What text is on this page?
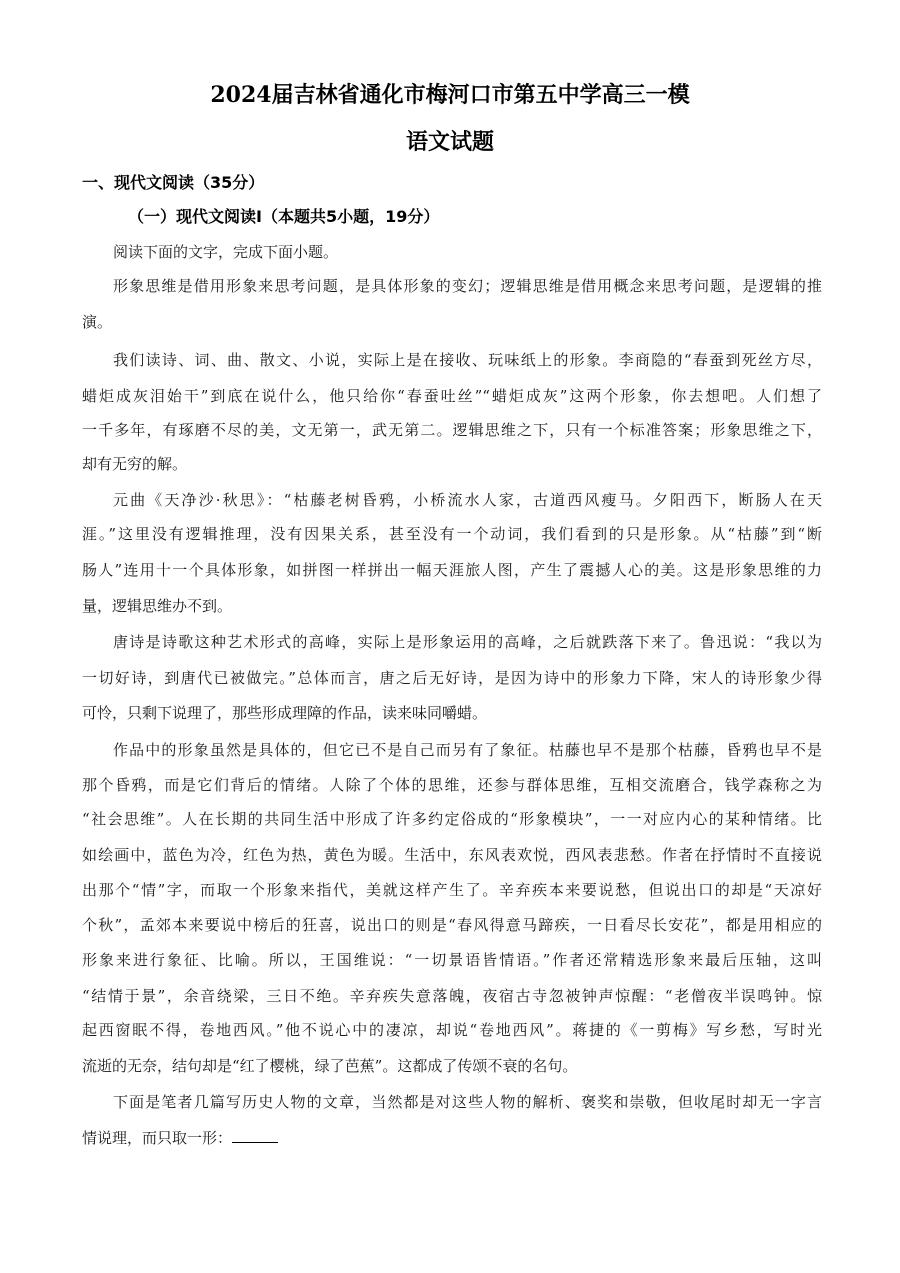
2024届吉林省通化市梅河口市第五中学高三一模
语文试题
一、现代文阅读（35分）
（一）现代文阅读Ⅰ（本题共5小题，19分）
阅读下面的文字，完成下面小题。
形象思维是借用形象来思考问题，是具体形象的变幻；逻辑思维是借用概念来思考问题，是逻辑的推
演。
我们读诗、词、曲、散文、小说，实际上是在接收、玩味纸上的形象。李商隐的“春蚕到死丝方尽，
蜡炬成灰泪始干”到底在说什么，他只给你“春蚕吐丝”“蜡炬成灰”这两个形象，你去想吧。人们想了
一千多年，有琢磨不尽的美，文无第一，武无第二。逻辑思维之下，只有一个标准答案；形象思维之下，
却有无穷的解。
元曲《天净沙·秋思》：“枯藤老树昏鸦，小桥流水人家，古道西风瘦马。夕阳西下，断肠人在天
涯。”这里没有逻辑推理，没有因果关系，甚至没有一个动词，我们看到的只是形象。从“枯藤”到“断
肠人”连用十一个具体形象，如拼图一样拼出一幅天涯旅人图，产生了震撼人心的美。这是形象思维的力
量，逻辑思维办不到。
唐诗是诗歌这种艺术形式的高峰，实际上是形象运用的高峰，之后就跌落下来了。鲁迅说：“我以为
一切好诗，到唐代已被做完。”总体而言，唐之后无好诗，是因为诗中的形象力下降，宋人的诗形象少得
可怜，只剩下说理了，那些形成理障的作品，读来味同嚼蜡。
作品中的形象虽然是具体的，但它已不是自己而另有了象征。枯藤也早不是那个枯藤，昏鸦也早不是
那个昏鸦，而是它们背后的情绪。人除了个体的思维，还参与群体思维，互相交流磨合，钱学森称之为
“社会思维”。人在长期的共同生活中形成了许多约定俗成的“形象模块”，一一对应内心的某种情绪。比
如绘画中，蓝色为冷，红色为热，黄色为暖。生活中，东风表欢悦，西风表悲愁。作者在抒情时不直接说
出那个“情”字，而取一个形象来指代，美就这样产生了。辛弃疾本来要说愁，但说出口的却是“天凉好
个秋”，孟郊本来要说中榜后的狂喜，说出口的则是“春风得意马蹄疾，一日看尽长安花”，都是用相应的
形象来进行象征、比喻。所以，王国维说：“一切景语皆情语。”作者还常精选形象来最后压轴，这叫
“结情于景”，余音绕梁，三日不绝。辛弃疾失意落魄，夜宿古寺忽被钟声惊醒：“老僧夜半误鸣钟。惊
起西窗眠不得，卷地西风。”他不说心中的凄凉，却说“卷地西风”。蒋捷的《一剪梅》写乡愁，写时光
流逝的无奈，结句却是“红了樱桃，绿了芭蕉”。这都成了传颂不衰的名句。
下面是笔者几篇写历史人物的文章，当然都是对这些人物的解析、褒奖和崇敬，但收尾时却无一字言
情说理，而只取一形：
